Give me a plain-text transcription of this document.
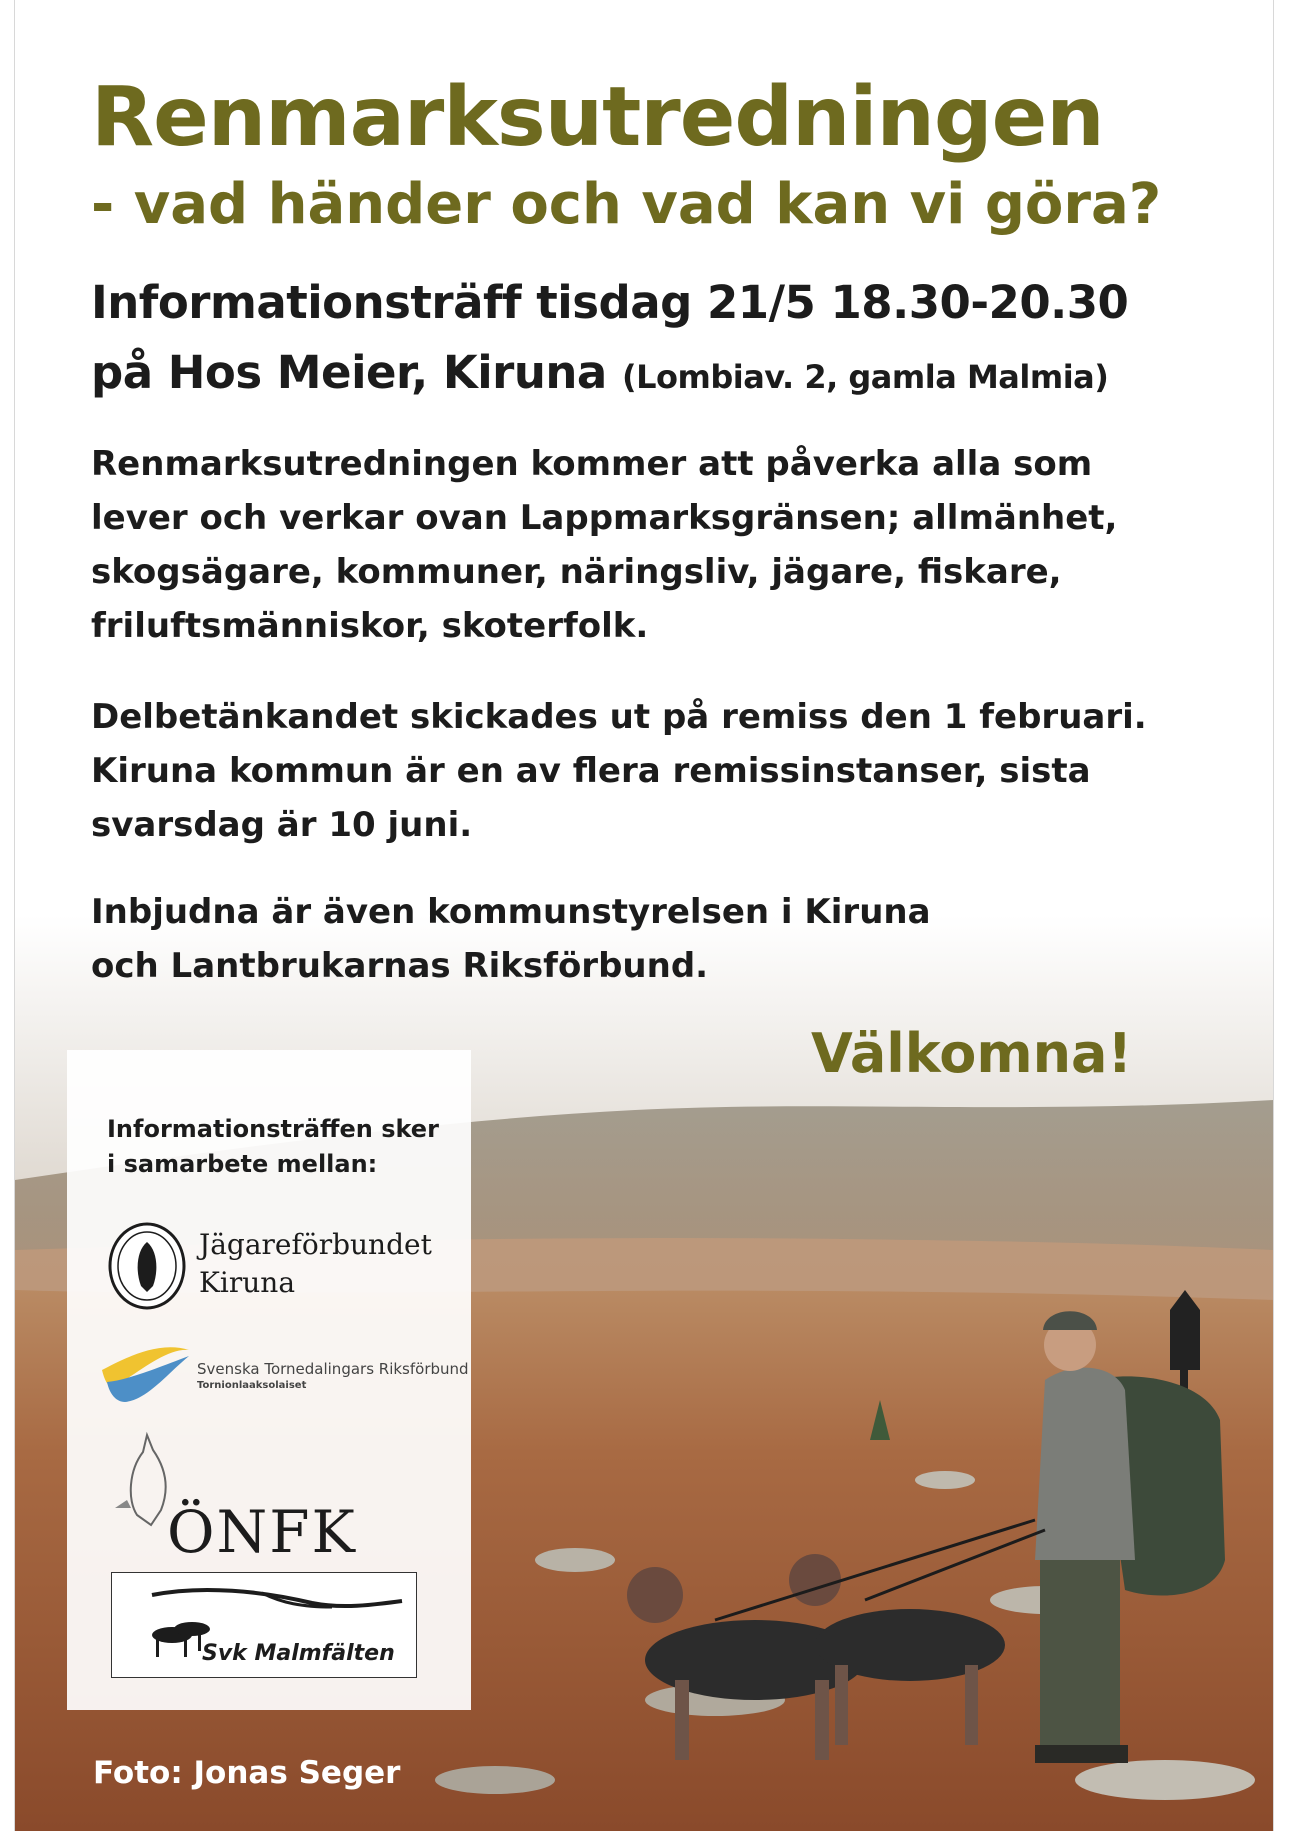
Renmarksutredningen
- vad händer och vad kan vi göra?

Informationsträff tisdag 21/5 18.30-20.30

på Hos Meier, Kiruna (Lombiav. 2, gamla Malmia)

Renmarksutredningen kommer att påverka alla som
lever och verkar ovan Lappmarksgränsen; allmänhet,
skogsägare, kommuner, näringsliv, jägare, fiskare,
friluftsmänniskor, skoterfolk.
Delbetänkandet skickades ut på remiss den 1 februari.
Kiruna kommun är en av flera remissinstanser, sista
svarsdag är 10 juni.
Inbjudna är även kommunstyrelsen i Kiruna
och Lantbrukarnas Riksförbund.

Välkomna!

Informationsträffen sker
i samarbete mellan:
Jägareförbundet
Kiruna
Svenska Tornedalingars Riksförbund
Tornionlaaksolaiset
ÖNFK
Svk Malmfälten

Foto: Jonas Seger
